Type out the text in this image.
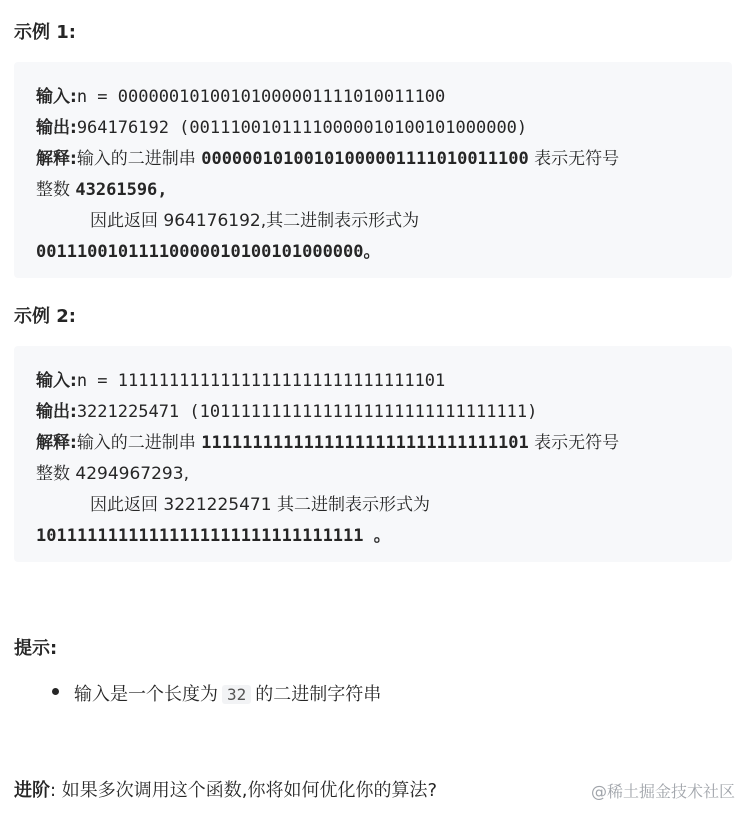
示例 1:
输入:n = 00000010100101000001111010011100
输出:964176192 (00111001011110000010100101000000)
解释:输入的二进制串 00000010100101000001111010011100 表示无符号
整数 43261596,
因此返回 964176192,其二进制表示形式为
00111001011110000010100101000000。
示例 2:
输入:n = 11111111111111111111111111111101
输出:3221225471 (10111111111111111111111111111111)
解释:输入的二进制串 11111111111111111111111111111101 表示无符号
整数 4294967293,
因此返回 3221225471 其二进制表示形式为
10111111111111111111111111111111 。
提示:
输入是一个长度为 32 的二进制字符串
进阶: 如果多次调用这个函数,你将如何优化你的算法?	@稀土掘金技术社区
